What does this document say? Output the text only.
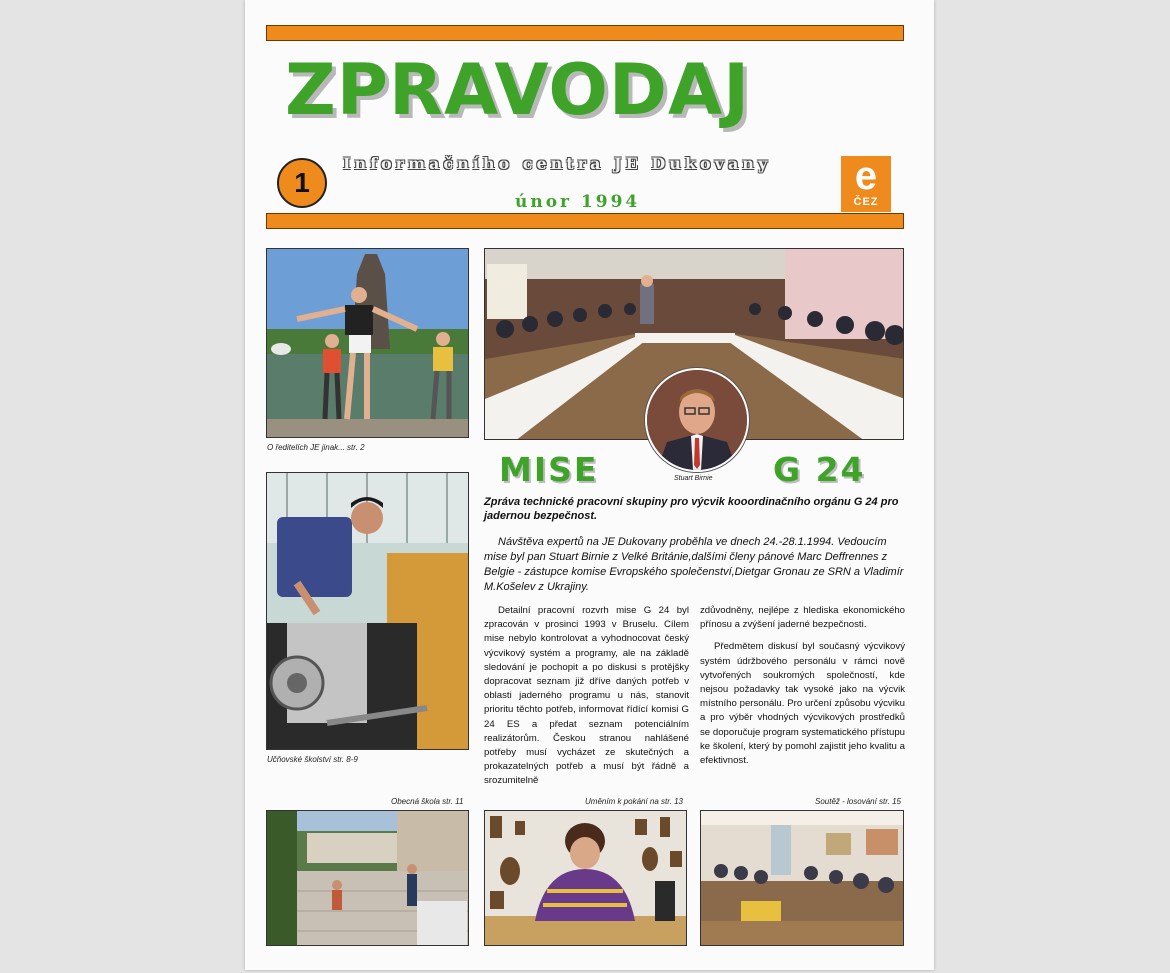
ZPRAVODAJ
1
Informačního centra JE Dukovany
únor 1994
e
ČEZ
O ředitelích JE jinak... str. 2
Stuart Birnie
MISE	G 24
Zpráva technické pracovní skupiny pro výcvik kooordinačního orgánu G 24 pro jadernou bezpečnost.
Návštěva expertů na JE Dukovany proběhla ve dnech 24.-28.1.1994. Vedoucím mise byl pan Stuart Birnie z Velké Británie,dalšími členy pánové Marc Deffrennes z Belgie - zástupce komise Evropského společenství,Dietgar Gronau ze SRN a Vladimír M.Košelev z Ukrajiny.
Učňovské školství str. 8-9

Detailní pracovní rozvrh mise G 24 byl zpracován v prosinci 1993 v Bruselu. Cílem mise nebylo kontrolovat a vyhodnocovat český výcvikový systém a programy, ale na základě sledování je pochopit a po diskusi s protějšky dopracovat seznam již dříve daných potřeb v oblasti jaderného programu u nás, stanovit prioritu těchto potřeb, informovat řídící komisi G 24 ES a předat seznam potenciálním realizátorům. Českou stranou nahlášené potřeby musí vycházet ze skutečných a prokazatelných potřeb a musí být řádně a srozumitelně

zdůvodněny, nejlépe z hlediska ekonomického přínosu a zvýšení jaderné bezpečnosti.

Předmětem diskusí byl současný výcvikový systém údržbového personálu v rámci nově vytvořených soukromých společností, kde nejsou požadavky tak vysoké jako na výcvik místního personálu. Pro určení způsobu výcviku a pro výběr vhodných výcvikových prostředků se doporučuje program systematického přístupu ke školení, který by pomohl zajistit jeho kvalitu a efektivnost.

Obecná škola str. 11	Uměním k pokání na str. 13	Soutěž - losování str. 15
